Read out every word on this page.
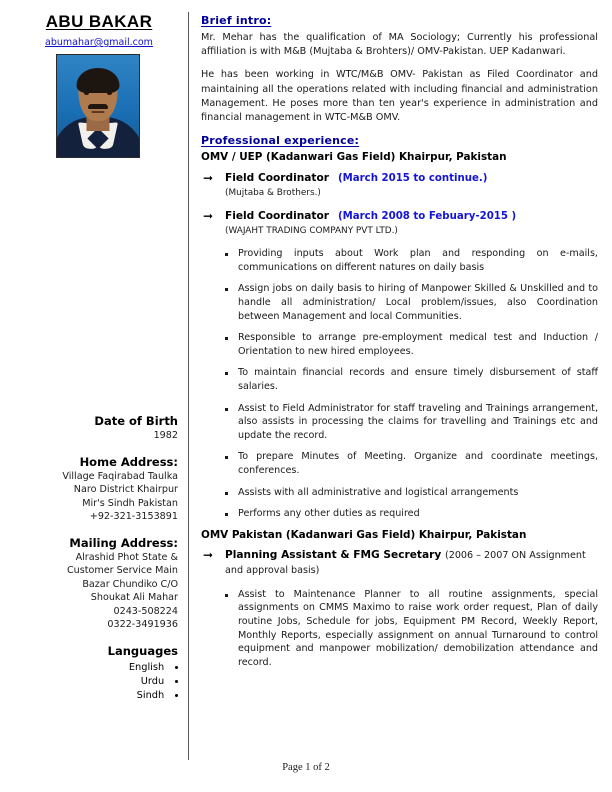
ABU BAKAR
abumahar@gmail.com
Date of Birth
1982
Home Address:
Village Faqirabad Taulka
Naro District Khairpur
Mir's Sindh Pakistan
+92-321-3153891
Mailing Address:
Alrashid Phot State &
Customer Service Main
Bazar Chundiko C/O
Shoukat Ali Mahar
0243-508224
0322-3491936
Languages
• English
• Urdu
• Sindh
Brief intro:

Mr. Mehar has the qualification of MA Sociology; Currently his professional affiliation is with M&B (Mujtaba & Brohters)/ OMV-Pakistan. UEP Kadanwari.

He has been working in WTC/M&B OMV- Pakistan as Filed Coordinator and maintaining all the operations related with including financial and administration Management. He poses more than ten year's experience in administration and financial management in WTC-M&B OMV.

Professional experience:
OMV / UEP (Kadanwari Gas Field) Khairpur, Pakistan
➞ Field Coordinator (March 2015 to continue.)
(Mujtaba & Brothers.)
➞ Field Coordinator (March 2008 to Febuary-2015 )
(WAJAHT TRADING COMPANY PVT LTD.)
Providing inputs about Work plan and responding on e-mails, communications on different natures on daily basis
Assign jobs on daily basis to hiring of Manpower Skilled & Unskilled and to handle all administration/ Local problem/issues, also Coordination between Management and local Communities.
Responsible to arrange pre-employment medical test and Induction / Orientation to new hired employees.
To maintain financial records and ensure timely disbursement of staff salaries.
Assist to Field Administrator for staff traveling and Trainings arrangement, also assists in processing the claims for travelling and Trainings etc and update the record.
To prepare Minutes of Meeting. Organize and coordinate meetings, conferences.
Assists with all administrative and logistical arrangements
Performs any other duties as required
OMV Pakistan (Kadanwari Gas Field) Khairpur, Pakistan
➞ Planning Assistant & FMG Secretary (2006 – 2007 ON Assignment and approval basis)
Assist to Maintenance Planner to all routine assignments, special assignments on CMMS Maximo to raise work order request, Plan of daily routine Jobs, Schedule for jobs, Equipment PM Record, Weekly Report, Monthly Reports, especially assignment on annual Turnaround to control equipment and manpower mobilization/ demobilization attendance and record.
Page 1 of 2
